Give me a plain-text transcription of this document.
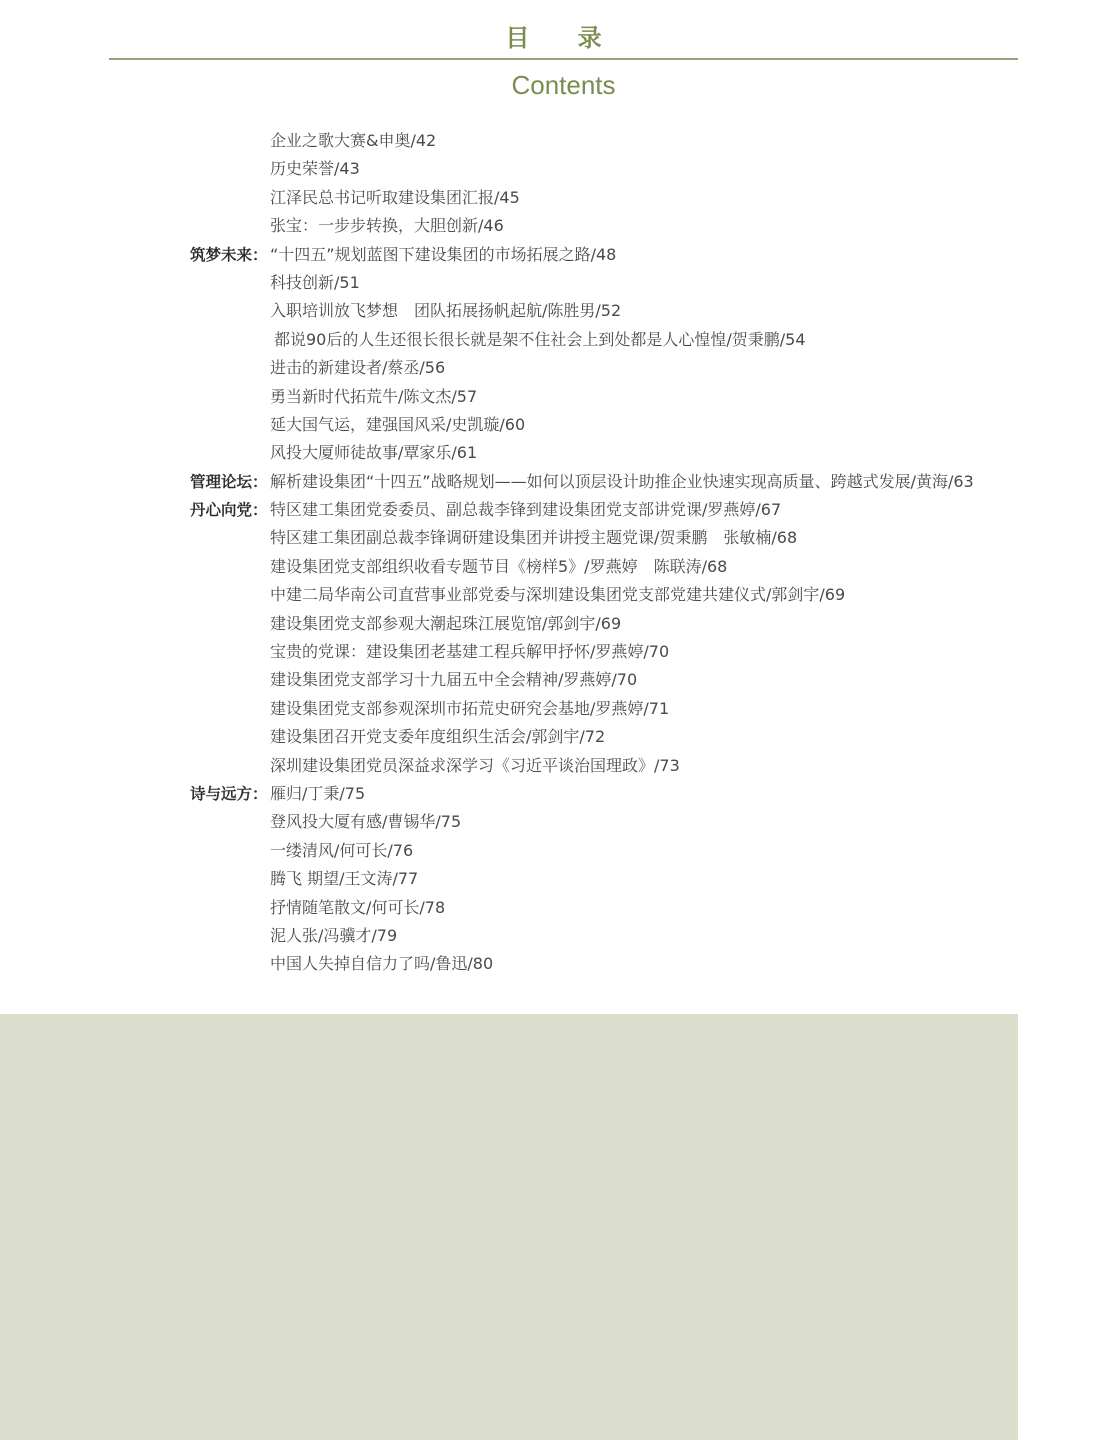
目 录
Contents
企业之歌大赛&申奥/42
历史荣誉/43
江泽民总书记听取建设集团汇报/45
张宝：一步步转换，大胆创新/46
筑梦未来： “十四五”规划蓝图下建设集团的市场拓展之路/48
科技创新/51
入职培训放飞梦想　团队拓展扬帆起航/陈胜男/52
都说90后的人生还很长很长就是架不住社会上到处都是人心惶惶/贺秉鹏/54
进击的新建设者/蔡丞/56
勇当新时代拓荒牛/陈文杰/57
延大国气运，建强国风采/史凯璇/60
风投大厦师徒故事/覃家乐/61
管理论坛： 解析建设集团“十四五”战略规划——如何以顶层设计助推企业快速实现高质量、跨越式发展/黄海/63
丹心向党： 特区建工集团党委委员、副总裁李锋到建设集团党支部讲党课/罗燕婷/67
特区建工集团副总裁李锋调研建设集团并讲授主题党课/贺秉鹏　张敏楠/68
建设集团党支部组织收看专题节目《榜样5》/罗燕婷　陈联涛/68
中建二局华南公司直营事业部党委与深圳建设集团党支部党建共建仪式/郭剑宇/69
建设集团党支部参观大潮起珠江展览馆/郭剑宇/69
宝贵的党课：建设集团老基建工程兵解甲抒怀/罗燕婷/70
建设集团党支部学习十九届五中全会精神/罗燕婷/70
建设集团党支部参观深圳市拓荒史研究会基地/罗燕婷/71
建设集团召开党支委年度组织生活会/郭剑宇/72
深圳建设集团党员深益求深学习《习近平谈治国理政》/73
诗与远方： 雁归/丁秉/75
登风投大厦有感/曹锡华/75
一缕清风/何可长/76
腾飞 期望/王文涛/77
抒情随笔散文/何可长/78
泥人张/冯骥才/79
中国人失掉自信力了吗/鲁迅/80
